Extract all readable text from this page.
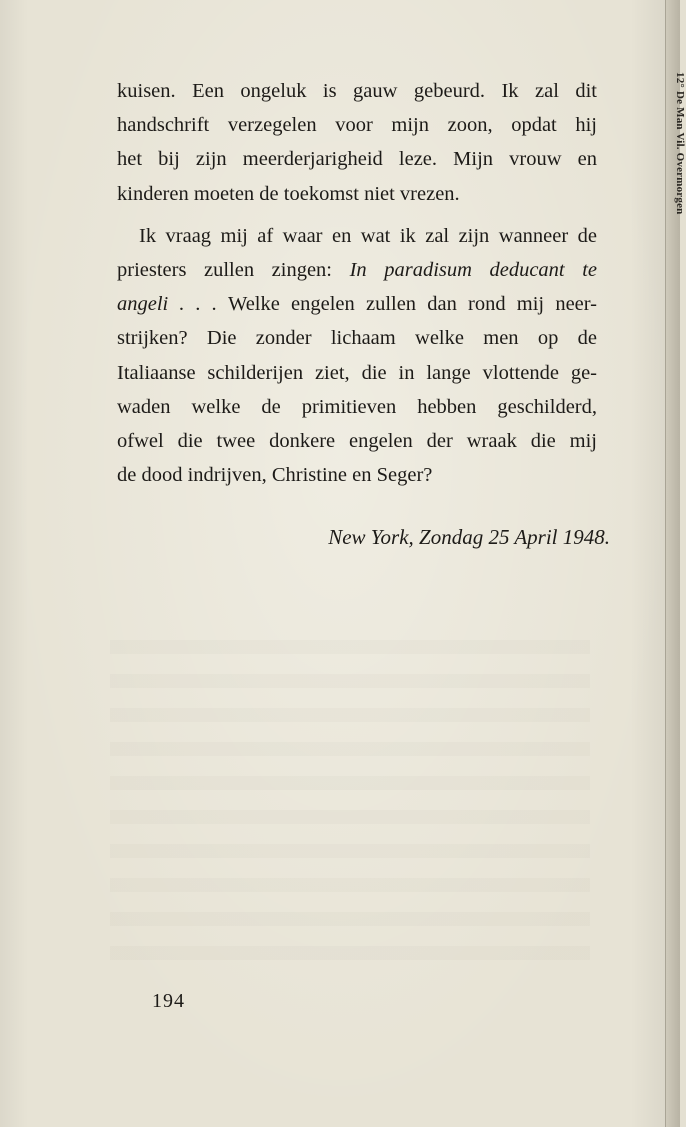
12° De Man Vil. Overmorgen
kuisen. Een ongeluk is gauw gebeurd. Ik zal dit
handschrift verzegelen voor mijn zoon, opdat hij
het bij zijn meerderjarigheid leze. Mijn vrouw en
kinderen moeten de toekomst niet vrezen.
Ik vraag mij af waar en wat ik zal zijn wanneer de
priesters zullen zingen: In paradisum deducant te
angeli . . . Welke engelen zullen dan rond mij neer-
strijken? Die zonder lichaam welke men op de
Italiaanse schilderijen ziet, die in lange vlottende ge-
waden welke de primitieven hebben geschilderd,
ofwel die twee donkere engelen der wraak die mij
de dood indrijven, Christine en Seger?
New York, Zondag 25 April 1948.
194
